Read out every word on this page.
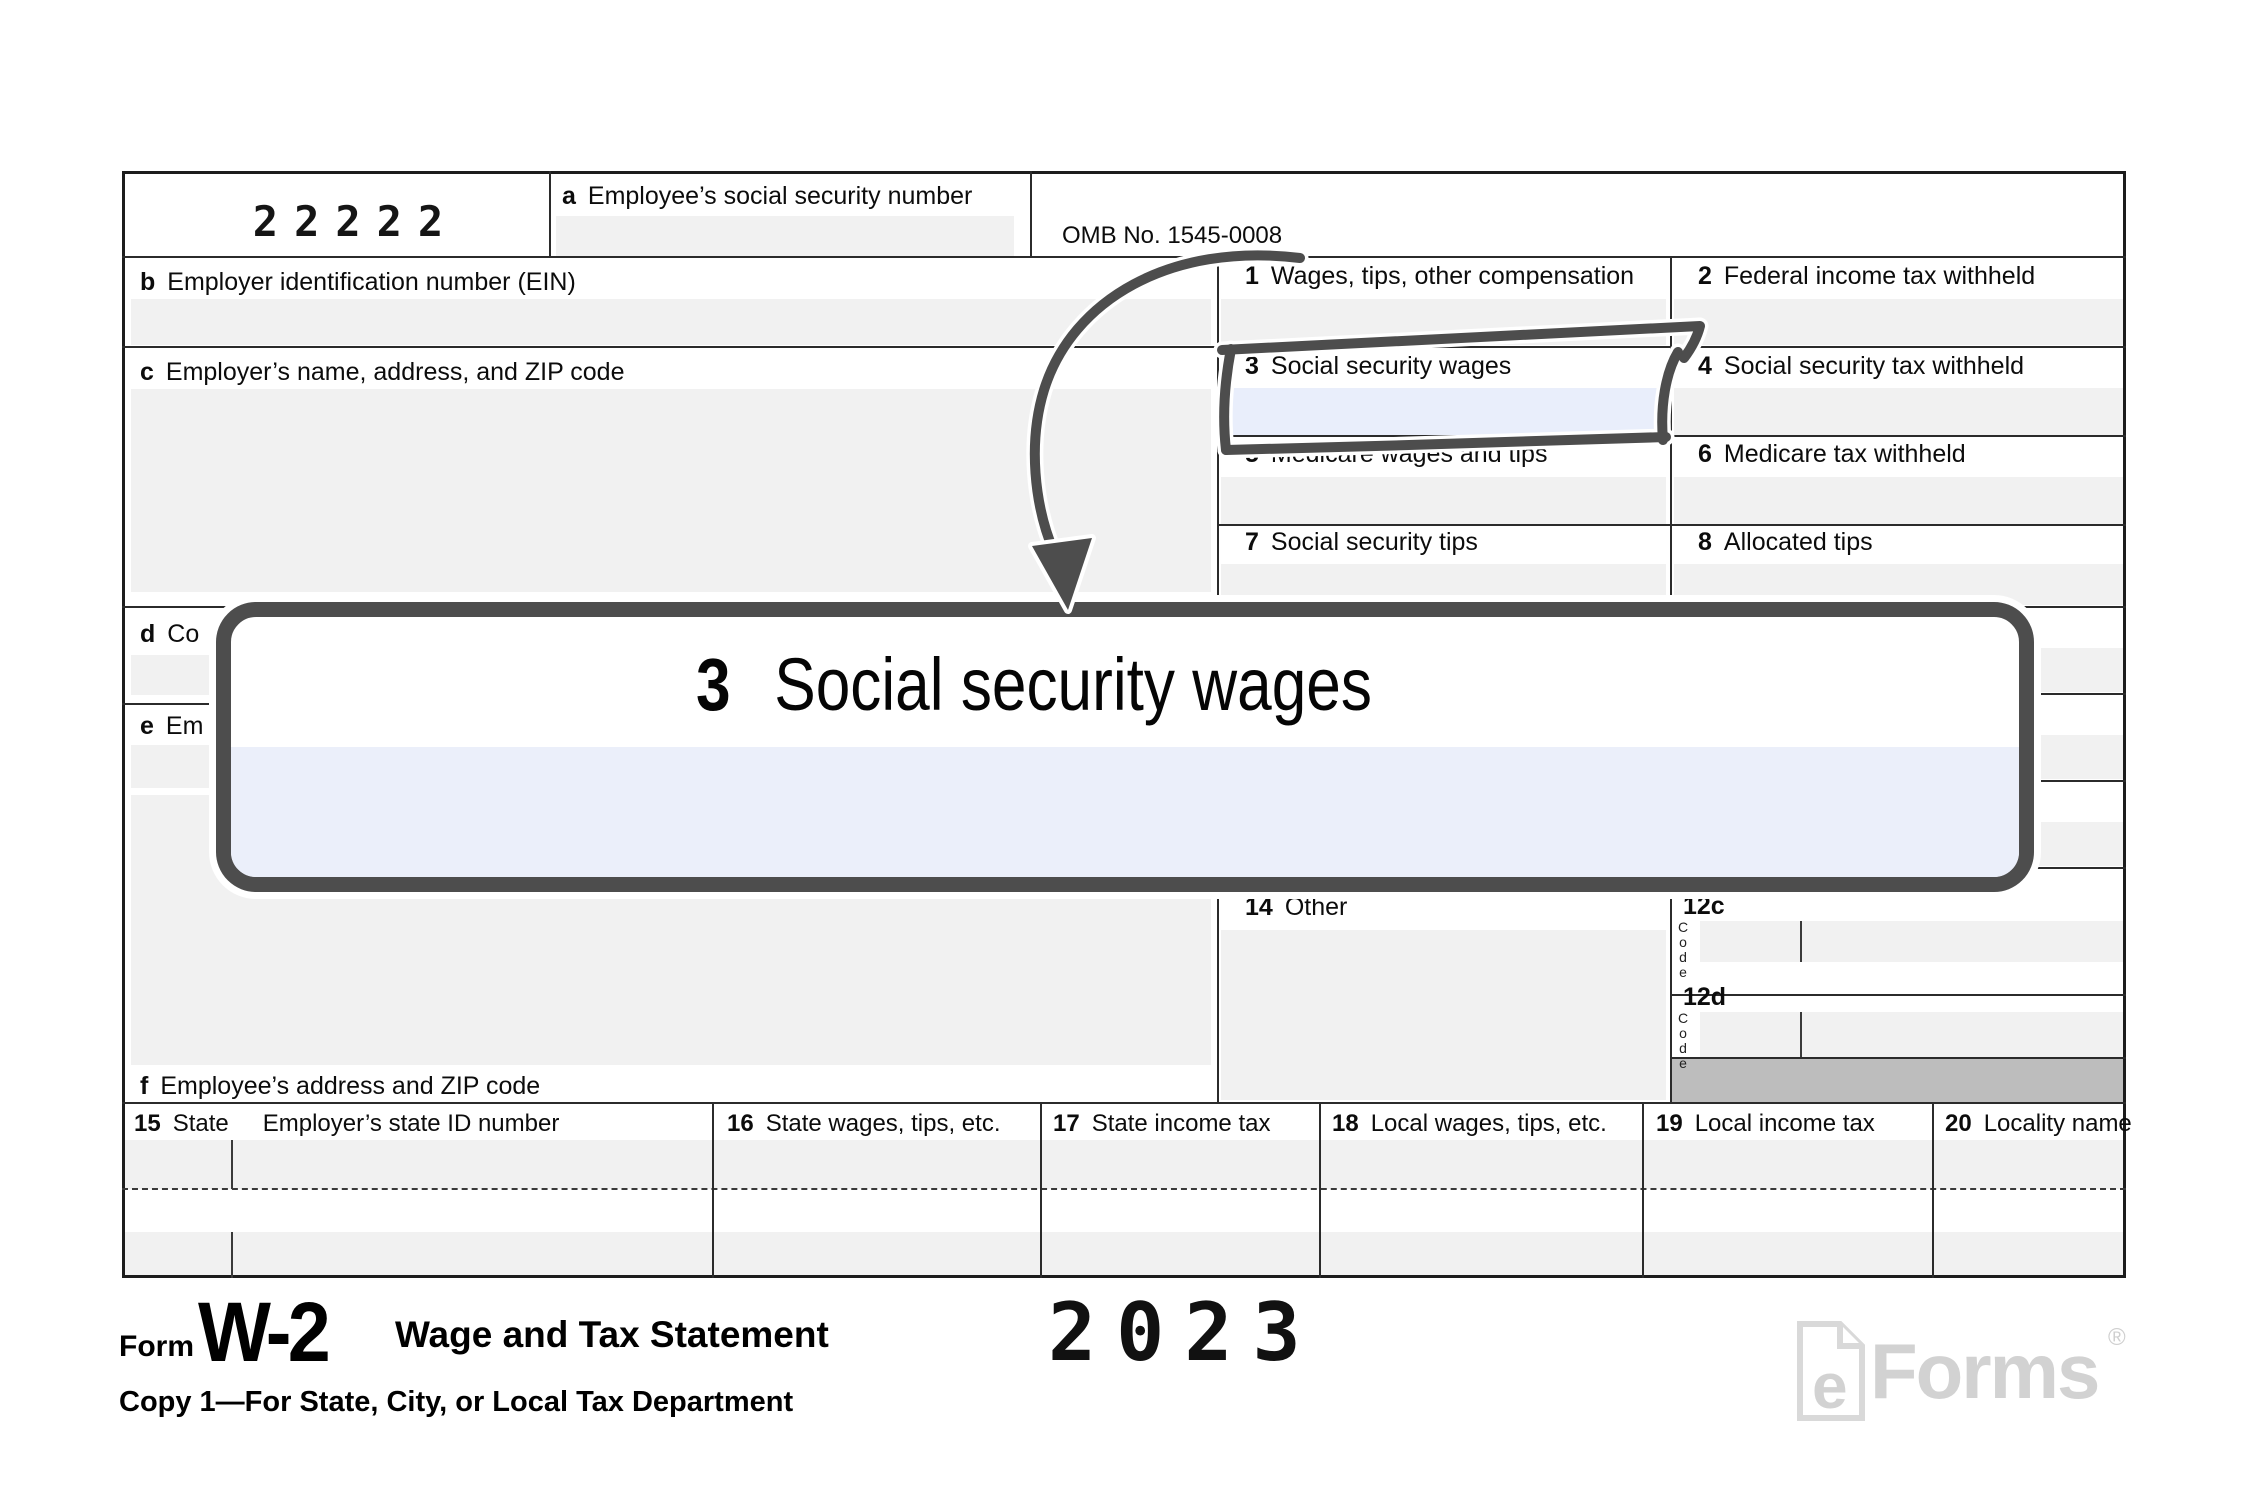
22222
a Employee’s social security number
OMB No. 1545-0008
b Employer identification number (EIN)
c Employer’s name, address, and ZIP code
d Co
e Em
f Employee’s address and ZIP code
1 Wages, tips, other compensation	2 Federal income tax withheld
3 Social security wages	4 Social security tax withheld
5 Medicare wages and tips	6 Medicare tax withheld
7 Social security tips	8 Allocated tips
14 Other	12c
C
o
d
e
12d
C
o
d
e
15 State Employer’s state ID number	16 State wages, tips, etc. 17 State income tax	18 Local wages, tips, etc. 19 Local income tax	20 Locality name
3 Social security wages
Form W-2 Wage and Tax Statement
Copy 1—For State, City, or Local Tax Department
2023
e Forms ®
